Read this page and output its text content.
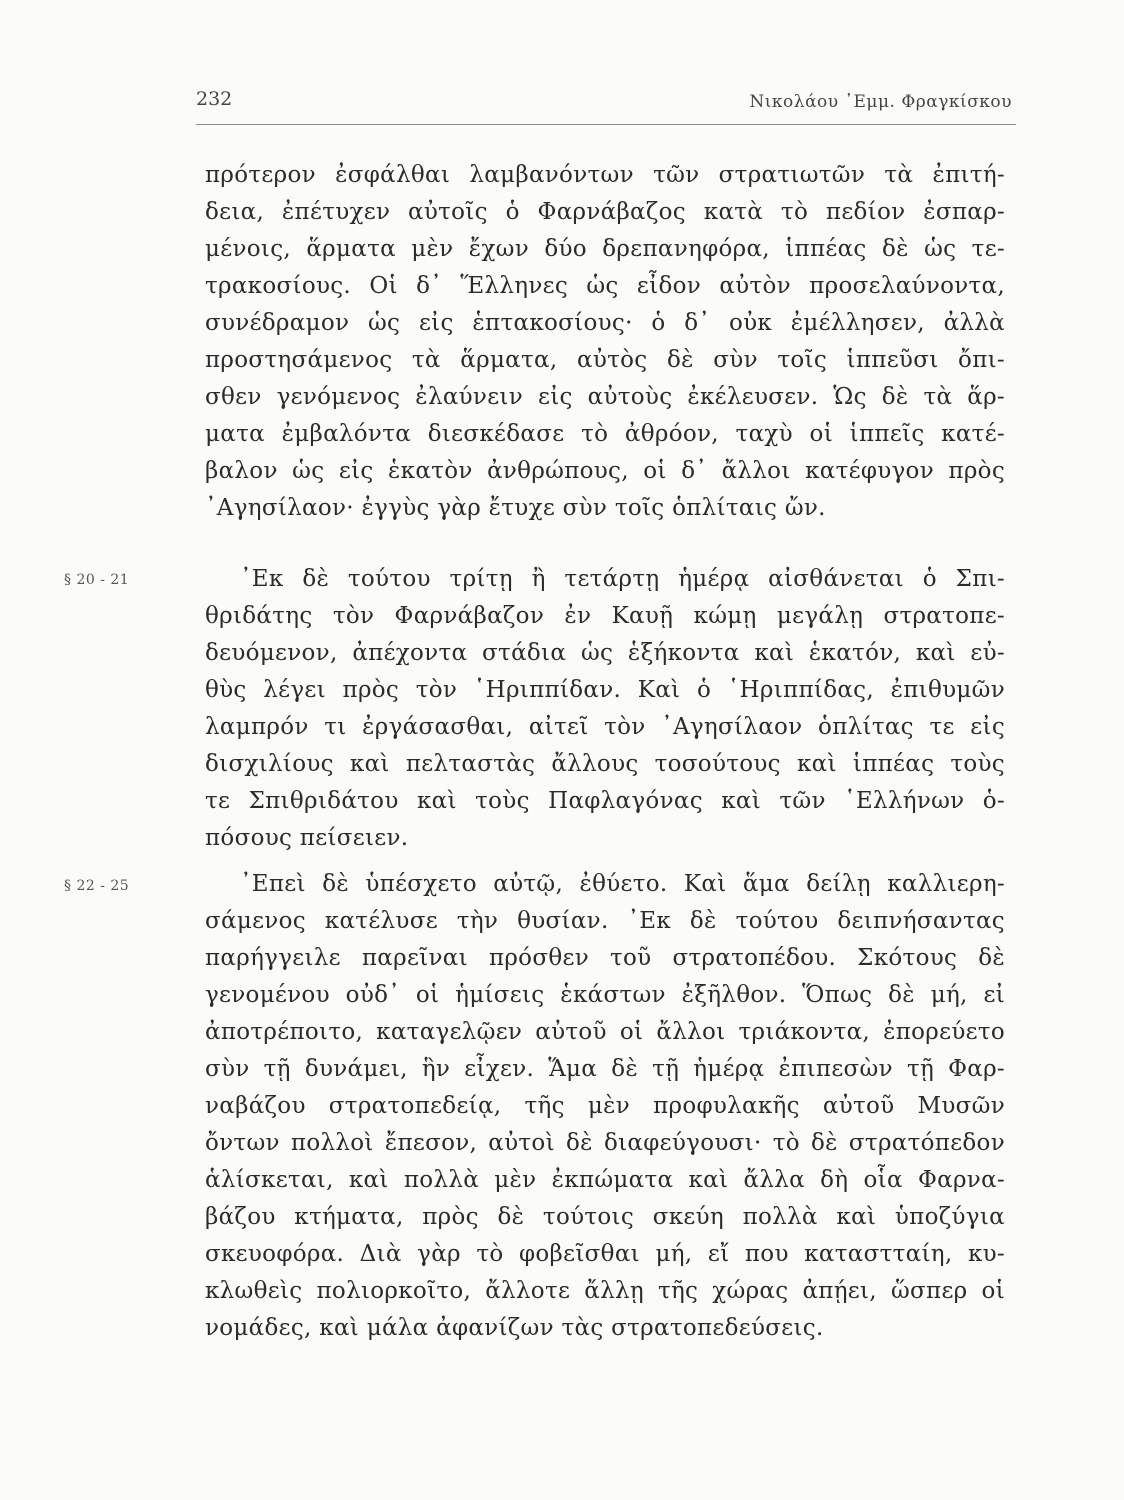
232	Νικολάου ᾿Εμμ. Φραγκίσκου
§ 20 - 21
§ 22 - 25
πρότερον ἐσφάλθαι λαμβανόντων τῶν στρατιωτῶν τὰ ἐπιτή-
δεια, ἐπέτυχεν αὐτοῖς ὁ Φαρνάβαζος κατὰ τὸ πεδίον ἐσπαρ-
μένοις, ἅρματα μὲν ἔχων δύο δρεπανηφόρα, ἱππέας δὲ ὡς τε-
τρακοσίους. Οἱ δ᾿ Ἕλληνες ὡς εἶδον αὐτὸν προσελαύνοντα,
συνέδραμον ὡς εἰς ἑπτακοσίους· ὁ δ᾿ οὐκ ἐμέλλησεν, ἀλλὰ
προστησάμενος τὰ ἅρματα, αὐτὸς δὲ σὺν τοῖς ἱππεῦσι ὄπι-
σθεν γενόμενος ἐλαύνειν εἰς αὐτοὺς ἐκέλευσεν. Ὡς δὲ τὰ ἅρ-
ματα ἐμβαλόντα διεσκέδασε τὸ ἀθρόον, ταχὺ οἱ ἱππεῖς κατέ-
βαλον ὡς εἰς ἑκατὸν ἀνθρώπους, οἱ δ᾿ ἄλλοι κατέφυγον πρὸς
᾿Αγησίλαον· ἐγγὺς γὰρ ἔτυχε σὺν τοῖς ὁπλίταις ὤν.
᾿Εκ δὲ τούτου τρίτῃ ἢ τετάρτῃ ἡμέρᾳ αἰσθάνεται ὁ Σπι-
θριδάτης τὸν Φαρνάβαζον ἐν Καυῇ κώμῃ μεγάλῃ στρατοπε-
δευόμενον, ἀπέχοντα στάδια ὡς ἑξήκοντα καὶ ἑκατόν, καὶ εὐ-
θὺς λέγει πρὸς τὸν ῾Ηριππίδαν. Καὶ ὁ ῾Ηριππίδας, ἐπιθυμῶν
λαμπρόν τι ἐργάσασθαι, αἰτεῖ τὸν ᾿Αγησίλαον ὁπλίτας τε εἰς
δισχιλίους καὶ πελταστὰς ἄλλους τοσούτους καὶ ἱππέας τοὺς
τε Σπιθριδάτου καὶ τοὺς Παφλαγόνας καὶ τῶν ῾Ελλήνων ὁ-
πόσους πείσειεν.
᾿Επεὶ δὲ ὑπέσχετο αὐτῷ, ἐθύετο. Καὶ ἅμα δείλῃ καλλιερη-
σάμενος κατέλυσε τὴν θυσίαν. ᾿Εκ δὲ τούτου δειπνήσαντας
παρήγγειλε παρεῖναι πρόσθεν τοῦ στρατοπέδου. Σκότους δὲ
γενομένου οὐδ᾿ οἱ ἡμίσεις ἑκάστων ἐξῆλθον. Ὅπως δὲ μή, εἰ
ἀποτρέποιτο, καταγελῷεν αὐτοῦ οἱ ἄλλοι τριάκοντα, ἐπορεύετο
σὺν τῇ δυνάμει, ἣν εἶχεν. Ἅμα δὲ τῇ ἡμέρᾳ ἐπιπεσὼν τῇ Φαρ-
ναβάζου στρατοπεδείᾳ, τῆς μὲν προφυλακῆς αὐτοῦ Μυσῶν
ὄντων πολλοὶ ἔπεσον, αὐτοὶ δὲ διαφεύγουσι· τὸ δὲ στρατόπεδον
ἁλίσκεται, καὶ πολλὰ μὲν ἐκπώματα καὶ ἄλλα δὴ οἷα Φαρνα-
βάζου κτήματα, πρὸς δὲ τούτοις σκεύη πολλὰ καὶ ὑποζύγια
σκευοφόρα. Διὰ γὰρ τὸ φοβεῖσθαι μή, εἴ που καταστταίη, κυ-
κλωθεὶς πολιορκοῖτο, ἄλλοτε ἄλλῃ τῆς χώρας ἀπῄει, ὥσπερ οἱ
νομάδες, καὶ μάλα ἀφανίζων τὰς στρατοπεδεύσεις.
